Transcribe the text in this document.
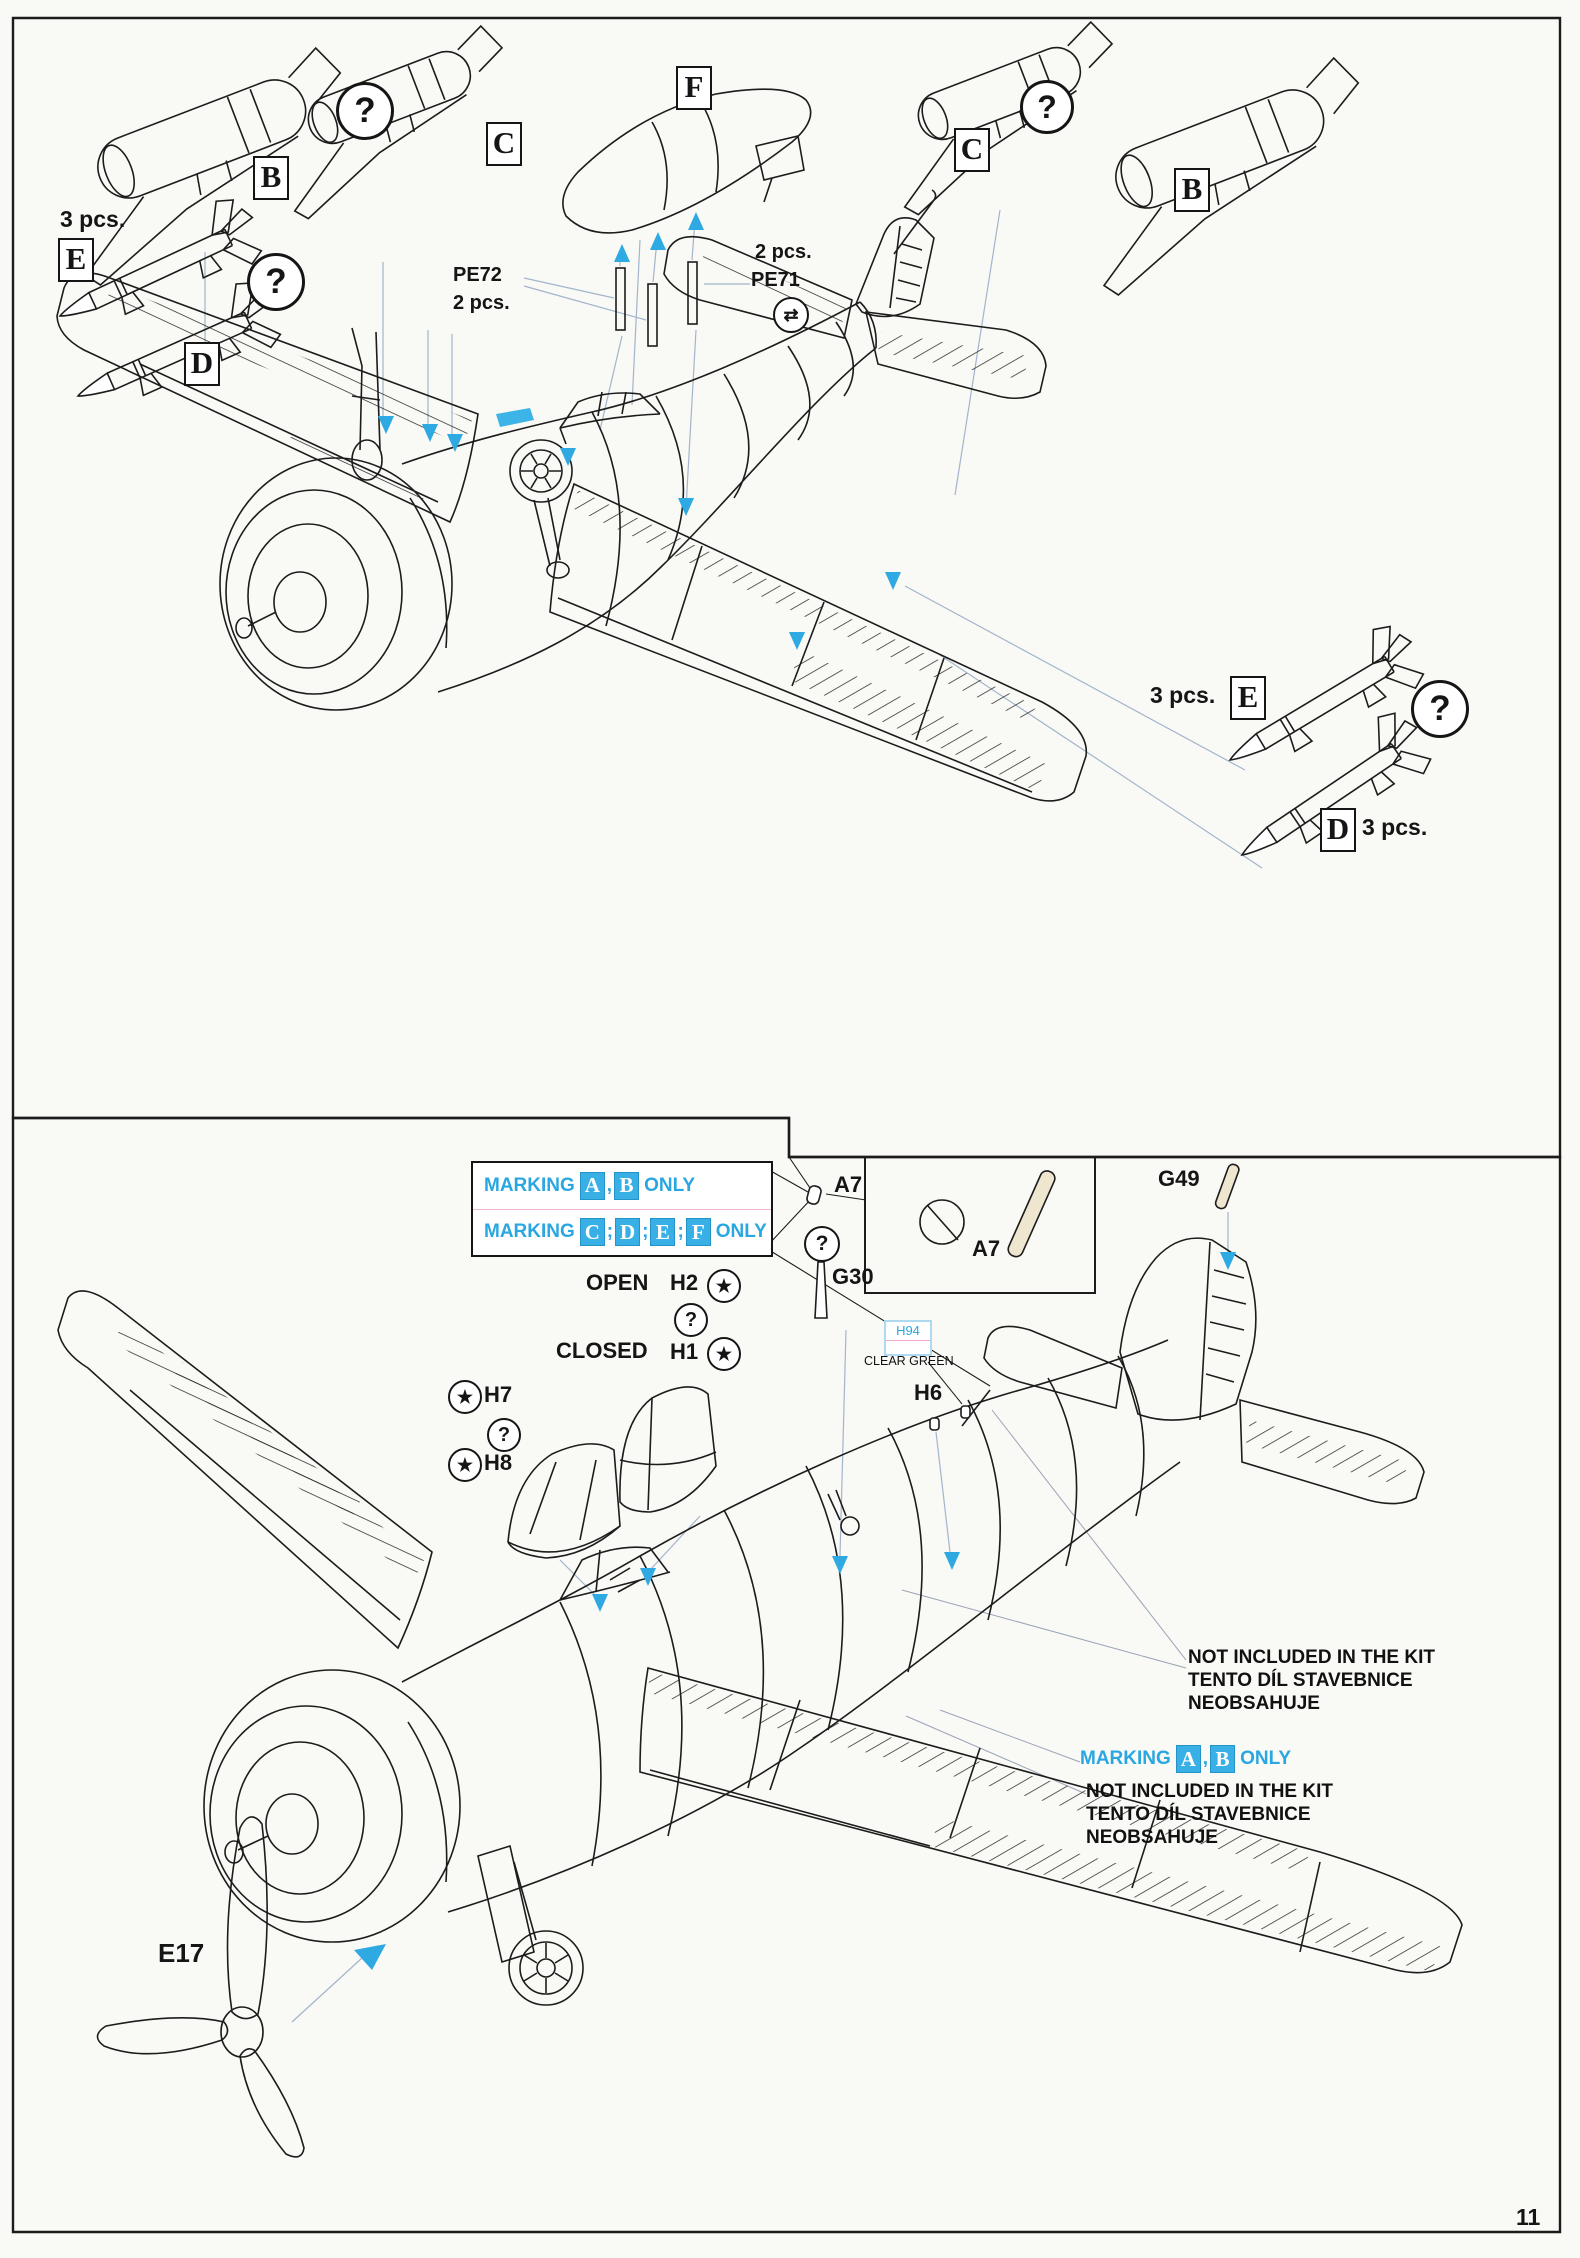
B
?
C
F
3 pcs.
E
?
D
C
?
B
PE72
2 pcs.
2 pcs.
PE71
⇄
3 pcs. E	?
D 3 pcs.
MARKING A , B ONLY
MARKING C ; D ; E ; F ONLY
A7
?
G30
OPEN H2 ★
?
CLOSED H1 ★
★ H7
?
★ H8
A7
G49
H94
CLEAR GREEN
H6
NOT INCLUDED IN THE KIT
TENTO DÍL STAVEBNICE
NEOBSAHUJE
MARKING A , B ONLY
NOT INCLUDED IN THE KIT
TENTO DÍL STAVEBNICE
NEOBSAHUJE
E17
11
